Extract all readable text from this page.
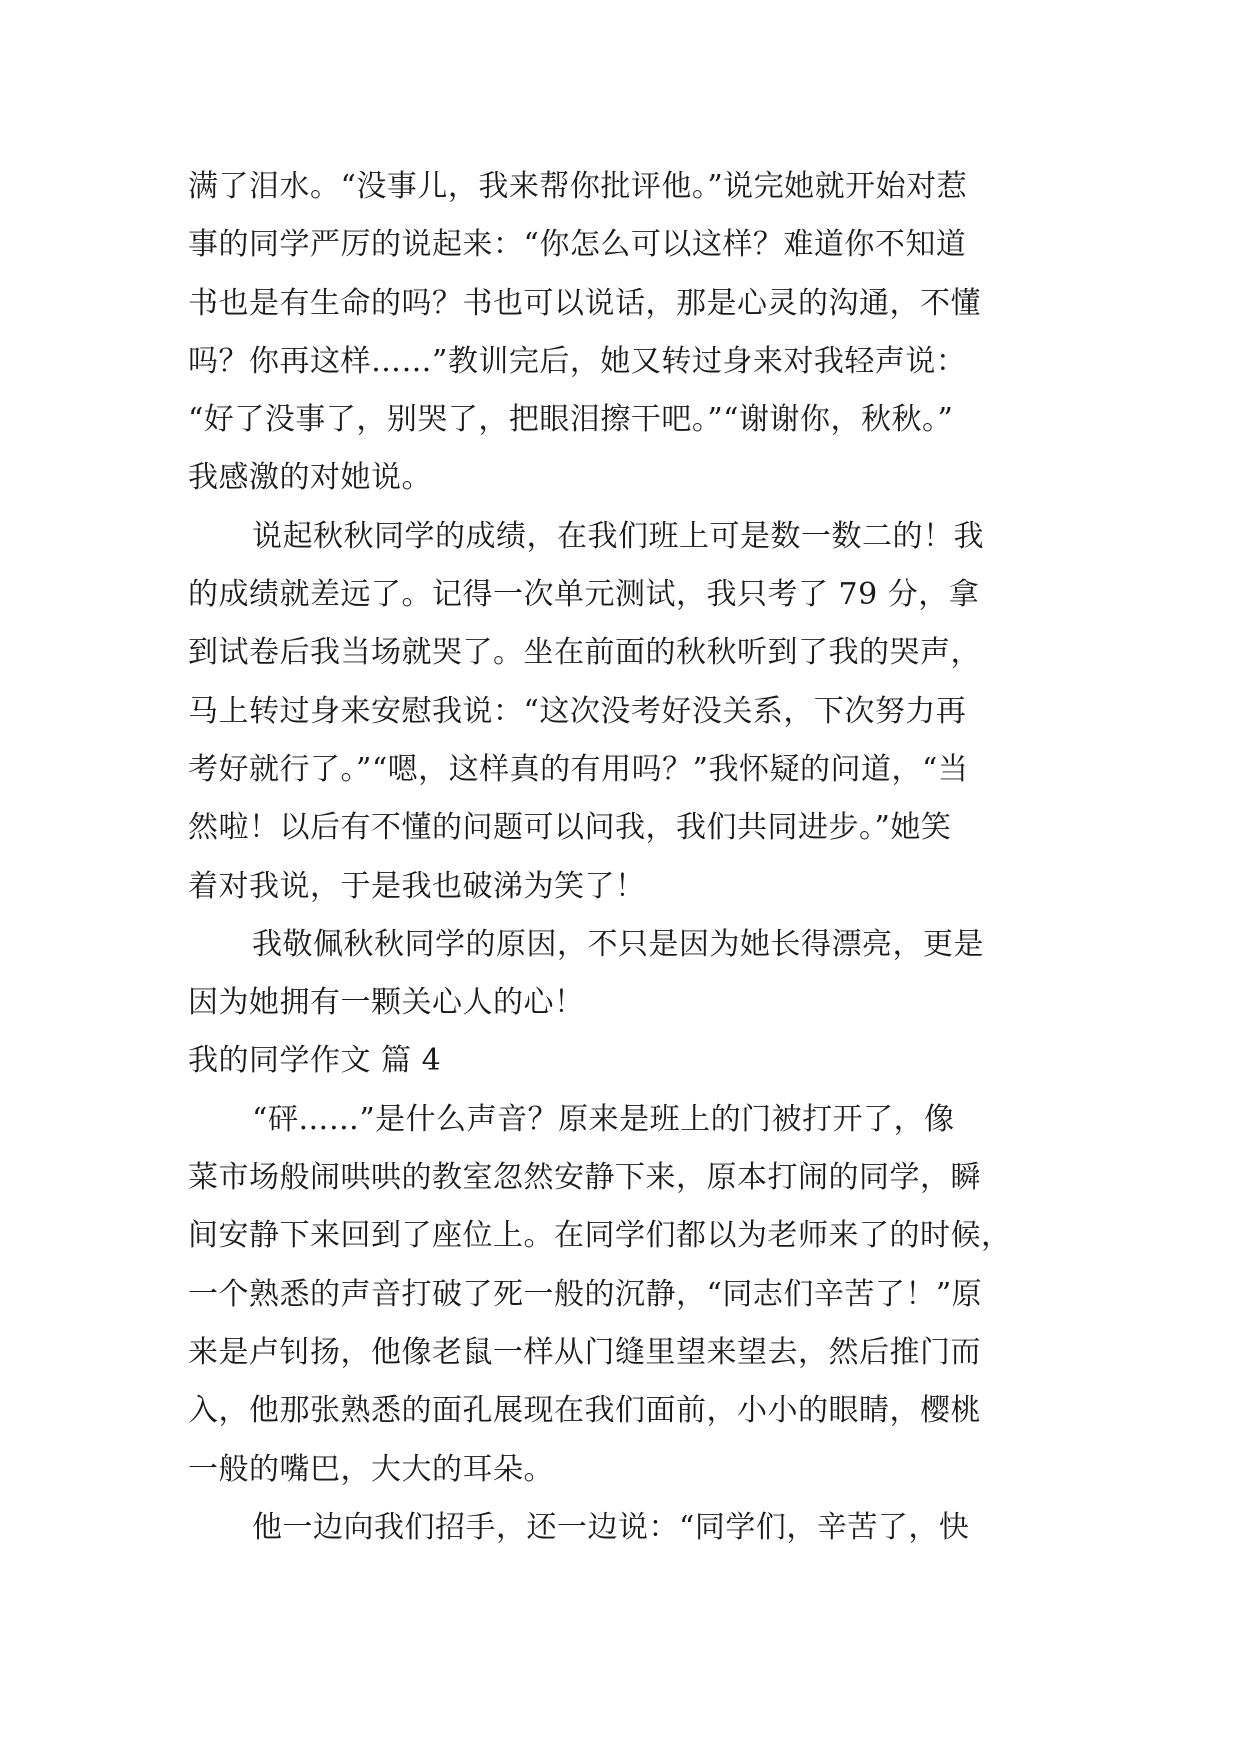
满了泪水。“没事儿，我来帮你批评他。”说完她就开始对惹
事的同学严厉的说起来：“你怎么可以这样？难道你不知道
书也是有生命的吗？书也可以说话，那是心灵的沟通，不懂
吗？你再这样……”教训完后，她又转过身来对我轻声说：
“好了没事了，别哭了，把眼泪擦干吧。”“谢谢你，秋秋。”
我感激的对她说。
说起秋秋同学的成绩，在我们班上可是数一数二的！我
的成绩就差远了。记得一次单元测试，我只考了 79 分，拿
到试卷后我当场就哭了。坐在前面的秋秋听到了我的哭声，
马上转过身来安慰我说：“这次没考好没关系，下次努力再
考好就行了。”“嗯，这样真的有用吗？”我怀疑的问道，“当
然啦！以后有不懂的问题可以问我，我们共同进步。”她笑
着对我说，于是我也破涕为笑了！
我敬佩秋秋同学的原因，不只是因为她长得漂亮，更是
因为她拥有一颗关心人的心！
我的同学作文 篇 4
“砰……”是什么声音？原来是班上的门被打开了，像
菜市场般闹哄哄的教室忽然安静下来，原本打闹的同学，瞬
间安静下来回到了座位上。在同学们都以为老师来了的时候，
一个熟悉的声音打破了死一般的沉静，“同志们辛苦了！”原
来是卢钊扬，他像老鼠一样从门缝里望来望去，然后推门而
入，他那张熟悉的面孔展现在我们面前，小小的眼睛，樱桃
一般的嘴巴，大大的耳朵。
他一边向我们招手，还一边说：“同学们，辛苦了，快
